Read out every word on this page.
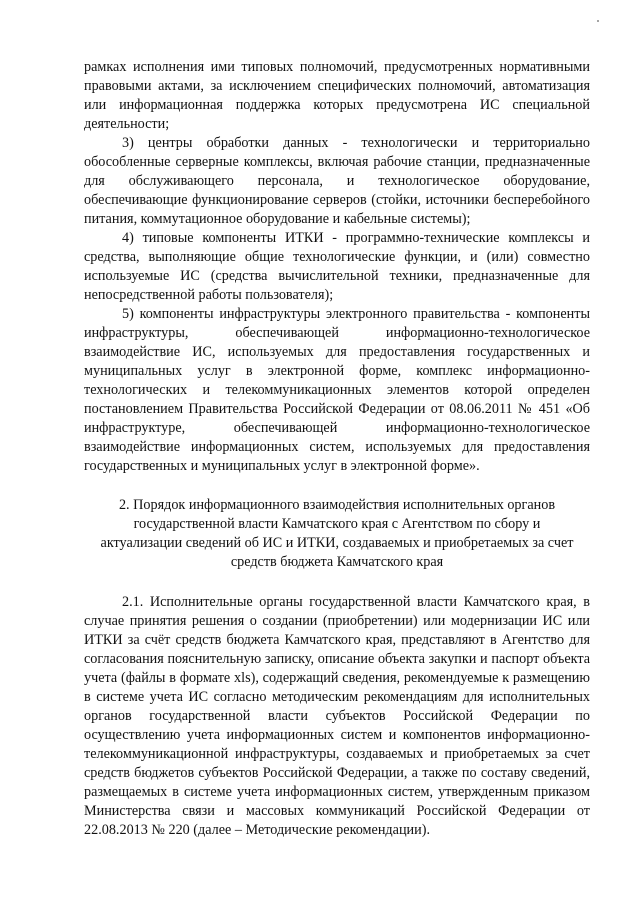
рамках исполнения ими типовых полномочий, предусмотренных нормативными правовыми актами, за исключением специфических полномочий, автоматизация или информационная поддержка которых предусмотрена ИС специальной деятельности;

3) центры обработки данных - технологически и территориально обособленные серверные комплексы, включая рабочие станции, предназначенные для обслуживающего персонала, и технологическое оборудование, обеспечивающие функционирование серверов (стойки, источники бесперебойного питания, коммутационное оборудование и кабельные системы);

4) типовые компоненты ИТКИ - программно-технические комплексы и средства, выполняющие общие технологические функции, и (или) совместно используемые ИС (средства вычислительной техники, предназначенные для непосредственной работы пользователя);

5) компоненты инфраструктуры электронного правительства - компоненты инфраструктуры, обеспечивающей информационно-технологическое взаимодействие ИС, используемых для предоставления государственных и муниципальных услуг в электронной форме, комплекс информационно-технологических и телекоммуникационных элементов которой определен постановлением Правительства Российской Федерации от 08.06.2011 № 451 «Об инфраструктуре, обеспечивающей информационно-технологическое взаимодействие информационных систем, используемых для предоставления государственных и муниципальных услуг в электронной форме».

2. Порядок информационного взаимодействия исполнительных органов государственной власти Камчатского края с Агентством по сбору и актуализации сведений об ИС и ИТКИ, создаваемых и приобретаемых за счет средств бюджета Камчатского края

2.1. Исполнительные органы государственной власти Камчатского края, в случае принятия решения о создании (приобретении) или модернизации ИС или ИТКИ за счёт средств бюджета Камчатского края, представляют в Агентство для согласования пояснительную записку, описание объекта закупки и паспорт объекта учета (файлы в формате xls), содержащий сведения, рекомендуемые к размещению в системе учета ИС согласно методическим рекомендациям для исполнительных органов государственной власти субъектов Российской Федерации по осуществлению учета информационных систем и компонентов информационно-телекоммуникационной инфраструктуры, создаваемых и приобретаемых за счет средств бюджетов субъектов Российской Федерации, а также по составу сведений, размещаемых в системе учета информационных систем, утвержденным приказом Министерства связи и массовых коммуникаций Российской Федерации от 22.08.2013 № 220 (далее – Методические рекомендации).
